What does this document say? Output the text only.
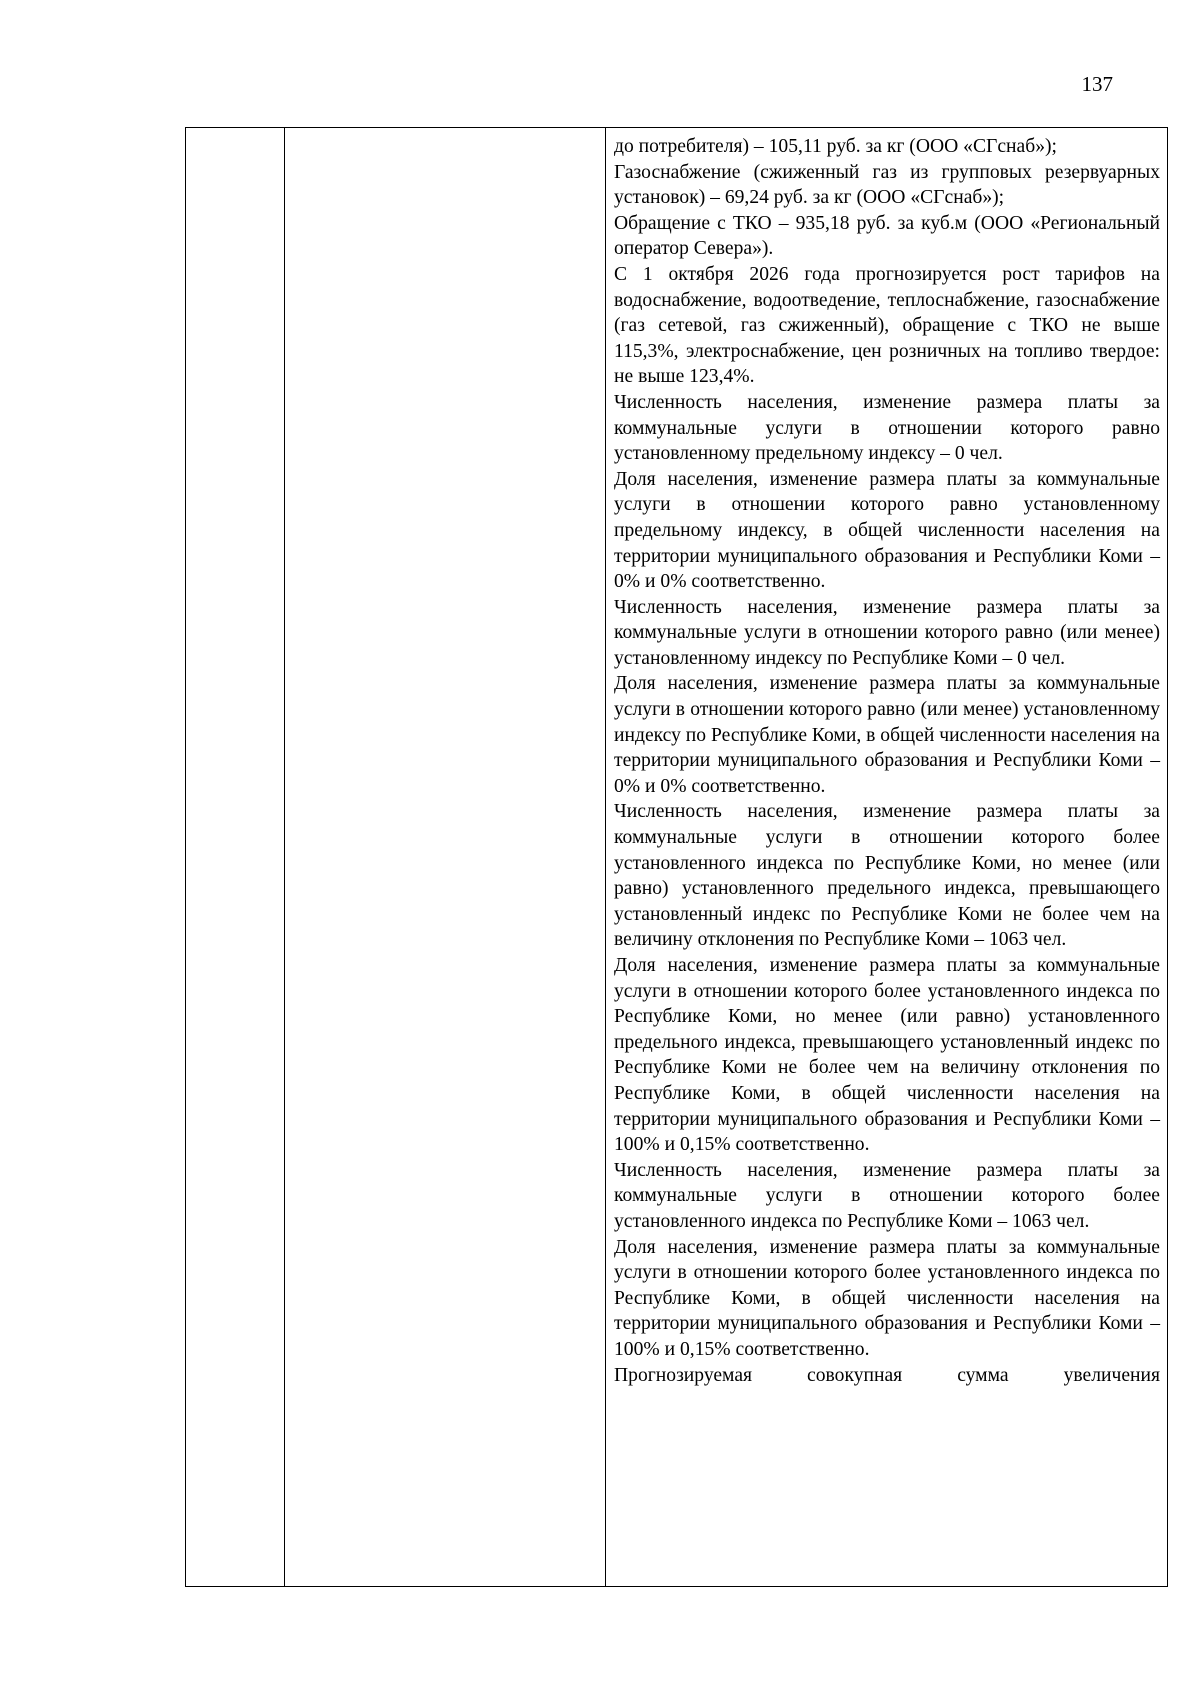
137

до потребителя) – 105,11 руб. за кг (ООО «СГснаб»);

Газоснабжение (сжиженный газ из групповых резервуарных установок) – 69,24 руб. за кг (ООО «СГснаб»);

Обращение с ТКО – 935,18 руб. за куб.м (ООО «Региональный оператор Севера»).

С 1 октября 2026 года прогнозируется рост тарифов на водоснабжение, водоотведение, теплоснабжение, газоснабжение (газ сетевой, газ сжиженный), обращение с ТКО не выше 115,3%, электроснабжение, цен розничных на топливо твердое: не выше 123,4%.

Численность населения, изменение размера платы за коммунальные услуги в отношении которого равно установленному предельному индексу – 0 чел.

Доля населения, изменение размера платы за коммунальные услуги в отношении которого равно установленному предельному индексу, в общей численности населения на территории муниципального образования и Республики Коми – 0% и 0% соответственно.

Численность населения, изменение размера платы за коммунальные услуги в отношении которого равно (или менее) установленному индексу по Республике Коми – 0 чел.

Доля населения, изменение размера платы за коммунальные услуги в отношении которого равно (или менее) установленному индексу по Республике Коми, в общей численности населения на территории муниципального образования и Республики Коми – 0% и 0% соответственно.

Численность населения, изменение размера платы за коммунальные услуги в отношении которого более установленного индекса по Республике Коми, но менее (или равно) установленного предельного индекса, превышающего установленный индекс по Республике Коми не более чем на величину отклонения по Республике Коми – 1063 чел.

Доля населения, изменение размера платы за коммунальные услуги в отношении которого более установленного индекса по Республике Коми, но менее (или равно) установленного предельного индекса, превышающего установленный индекс по Республике Коми не более чем на величину отклонения по Республике Коми, в общей численности населения на территории муниципального образования и Республики Коми – 100% и 0,15% соответственно.

Численность населения, изменение размера платы за коммунальные услуги в отношении которого более установленного индекса по Республике Коми – 1063 чел.

Доля населения, изменение размера платы за коммунальные услуги в отношении которого более установленного индекса по Республике Коми, в общей численности населения на территории муниципального образования и Республики Коми – 100% и 0,15% соответственно.

Прогнозируемая совокупная сумма увеличения
